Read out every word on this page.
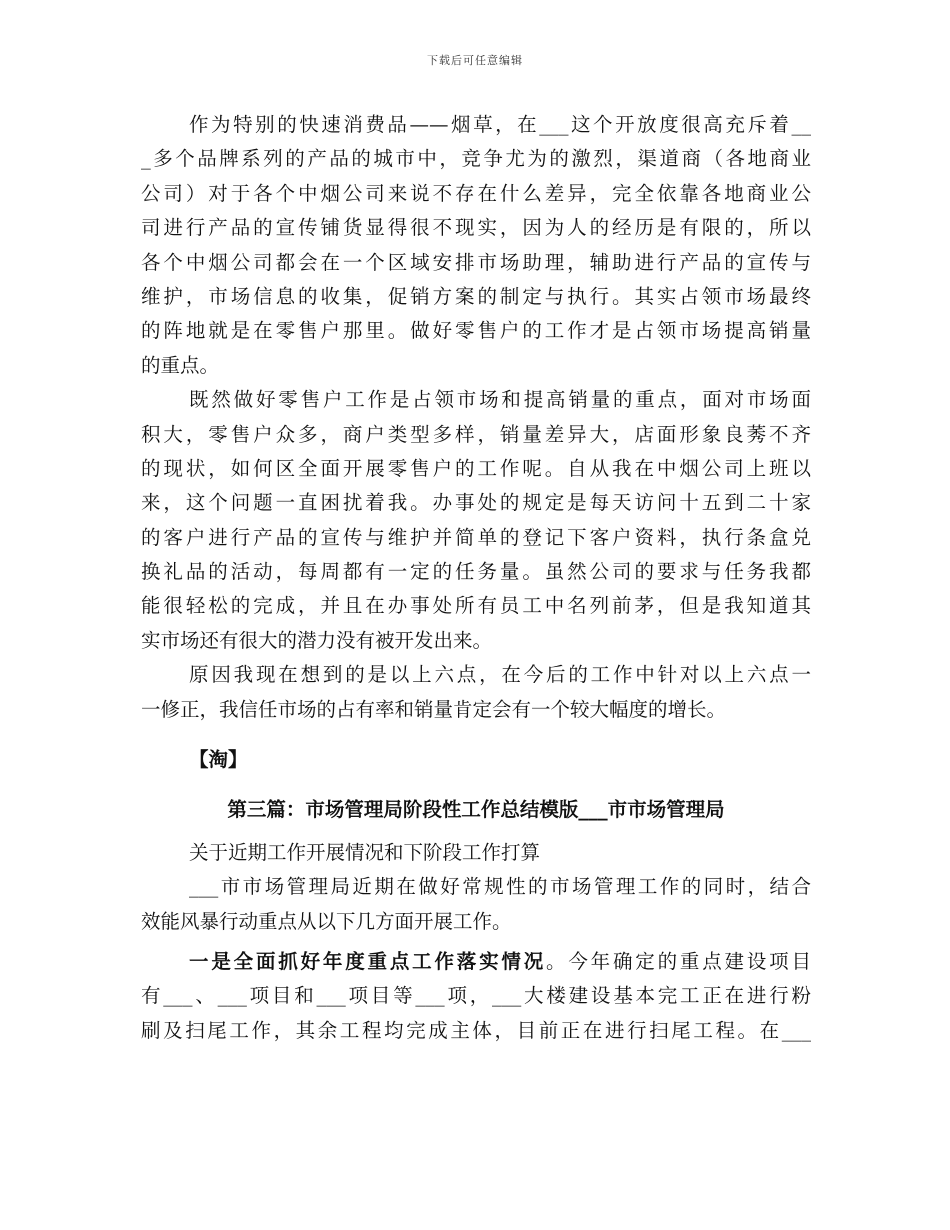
下载后可任意编辑
作为特别的快速消费品——烟草，在___这个开放度很高充斥着__
_多个品牌系列的产品的城市中，竞争尤为的激烈，渠道商（各地商业
公司）对于各个中烟公司来说不存在什么差异，完全依靠各地商业公
司进行产品的宣传铺货显得很不现实，因为人的经历是有限的，所以
各个中烟公司都会在一个区域安排市场助理，辅助进行产品的宣传与
维护，市场信息的收集，促销方案的制定与执行。其实占领市场最终
的阵地就是在零售户那里。做好零售户的工作才是占领市场提高销量
的重点。
既然做好零售户工作是占领市场和提高销量的重点，面对市场面
积大，零售户众多，商户类型多样，销量差异大，店面形象良莠不齐
的现状，如何区全面开展零售户的工作呢。自从我在中烟公司上班以
来，这个问题一直困扰着我。办事处的规定是每天访问十五到二十家
的客户进行产品的宣传与维护并简单的登记下客户资料，执行条盒兑
换礼品的活动，每周都有一定的任务量。虽然公司的要求与任务我都
能很轻松的完成，并且在办事处所有员工中名列前茅，但是我知道其
实市场还有很大的潜力没有被开发出来。
原因我现在想到的是以上六点，在今后的工作中针对以上六点一
一修正，我信任市场的占有率和销量肯定会有一个较大幅度的增长。
【淘】
第三篇：市场管理局阶段性工作总结模版___市市场管理局
关于近期工作开展情况和下阶段工作打算
___市市场管理局近期在做好常规性的市场管理工作的同时，结合
效能风暴行动重点从以下几方面开展工作。
一是全面抓好年度重点工作落实情况。今年确定的重点建设项目
有___、___项目和___项目等___项，___大楼建设基本完工正在进行粉
刷及扫尾工作，其余工程均完成主体，目前正在进行扫尾工程。在___
